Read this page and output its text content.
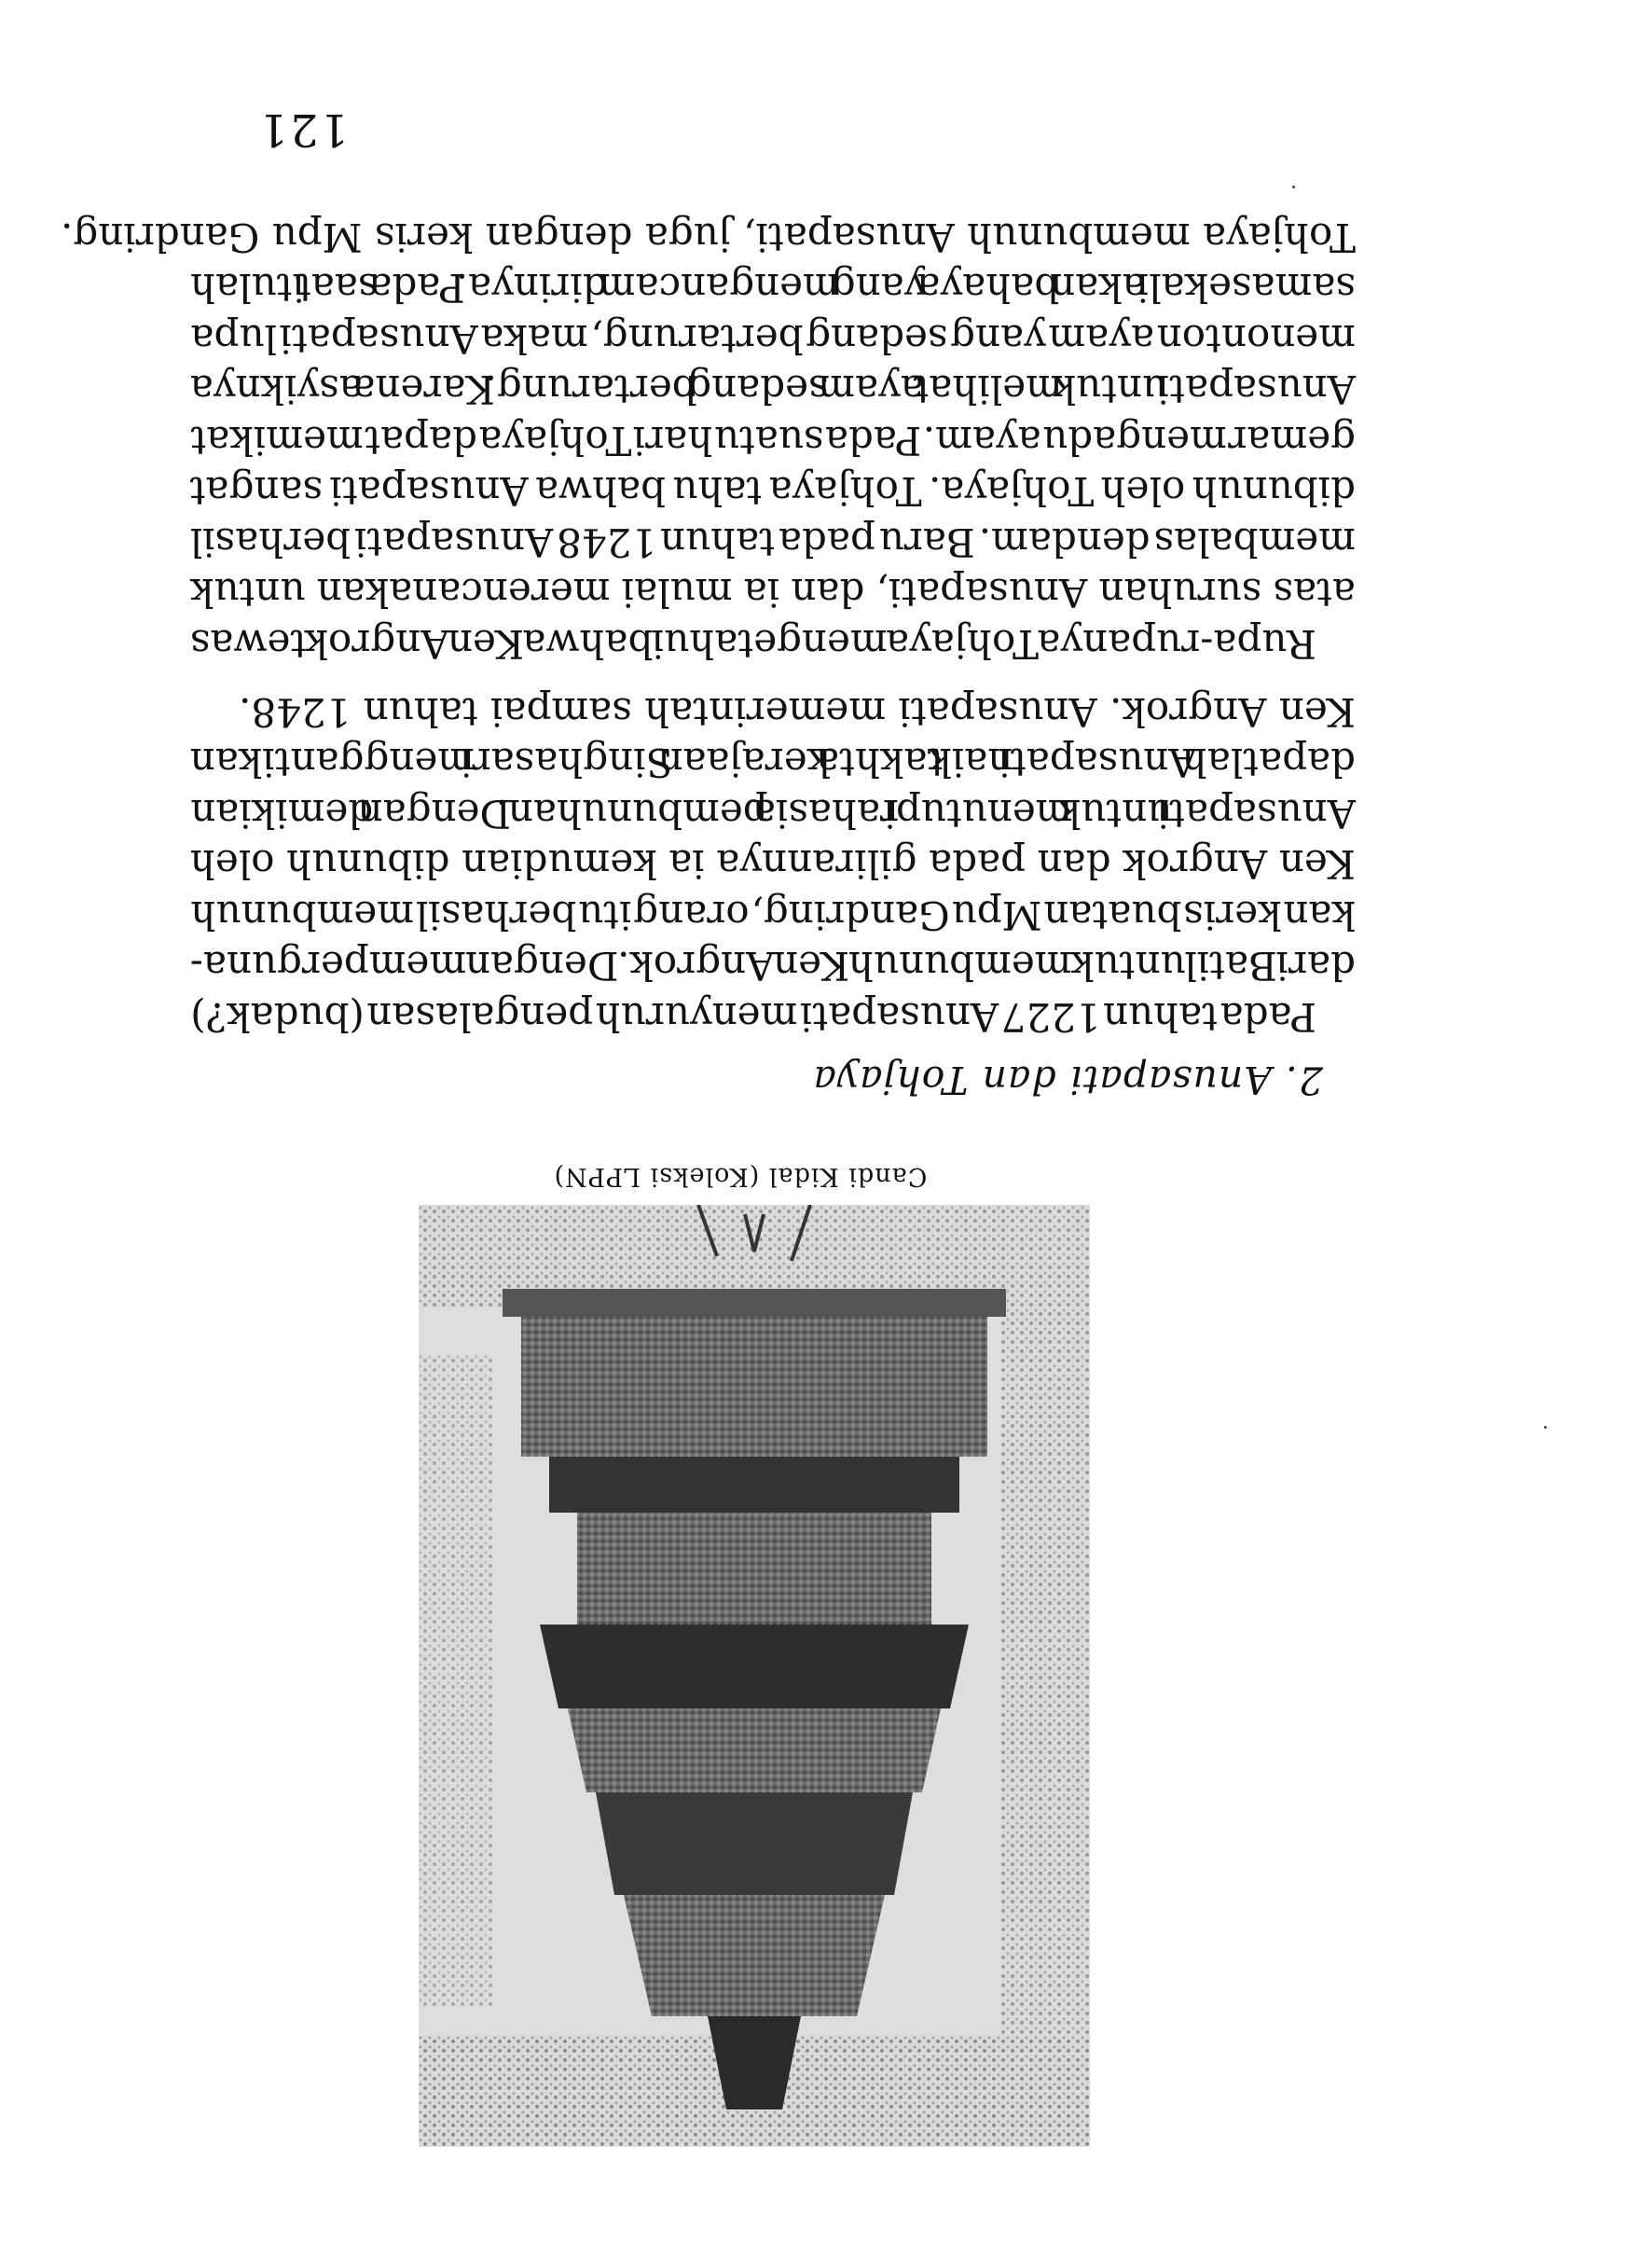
Candi Kidal (Koleksi LPPN)
2. Anusapati dan Tohjaya
Pada tahun 1227 Anusapati menyuruh pengalasan (budak?)
dari Batil untuk membunuh Ken Angrok. Dengan memperguna-
kan keris buatan Mpu Gandring, orang itu berhasil membunuh
Ken Angrok dan pada gilirannya ia kemudian dibunuh oleh
Anusapati untuk menutupi rahasia pembunuhan. Dengan demikian
dapatlah Anusapati naik takhta kerajaan Singhasari menggantikan
Ken Angrok. Anusapati memerintah sampai tahun 1248.
Rupa-rupanya Tohjaya mengetahui bahwa Ken Angrok tewas
atas suruhan Anusapati, dan ia mulai merencanakan untuk
membalas dendam. Baru pada tahun 1248 Anusapati berhasil
dibunuh oleh Tohjaya. Tohjaya tahu bahwa Anusapati sangat
gemar mengadu ayam. Pada suatu hari Tohjaya dapat memikat
Anusapati untuk melihat ayam sedang bertarung. Karena asyiknya
menonton ayam yang sedang bertarung, maka Anusapati lupa
samasekali akan bahaya yang mengancam dirinya. Pada saat itulah
Tohjaya membunuh Anusapati, juga dengan keris Mpu Gandring.
121
